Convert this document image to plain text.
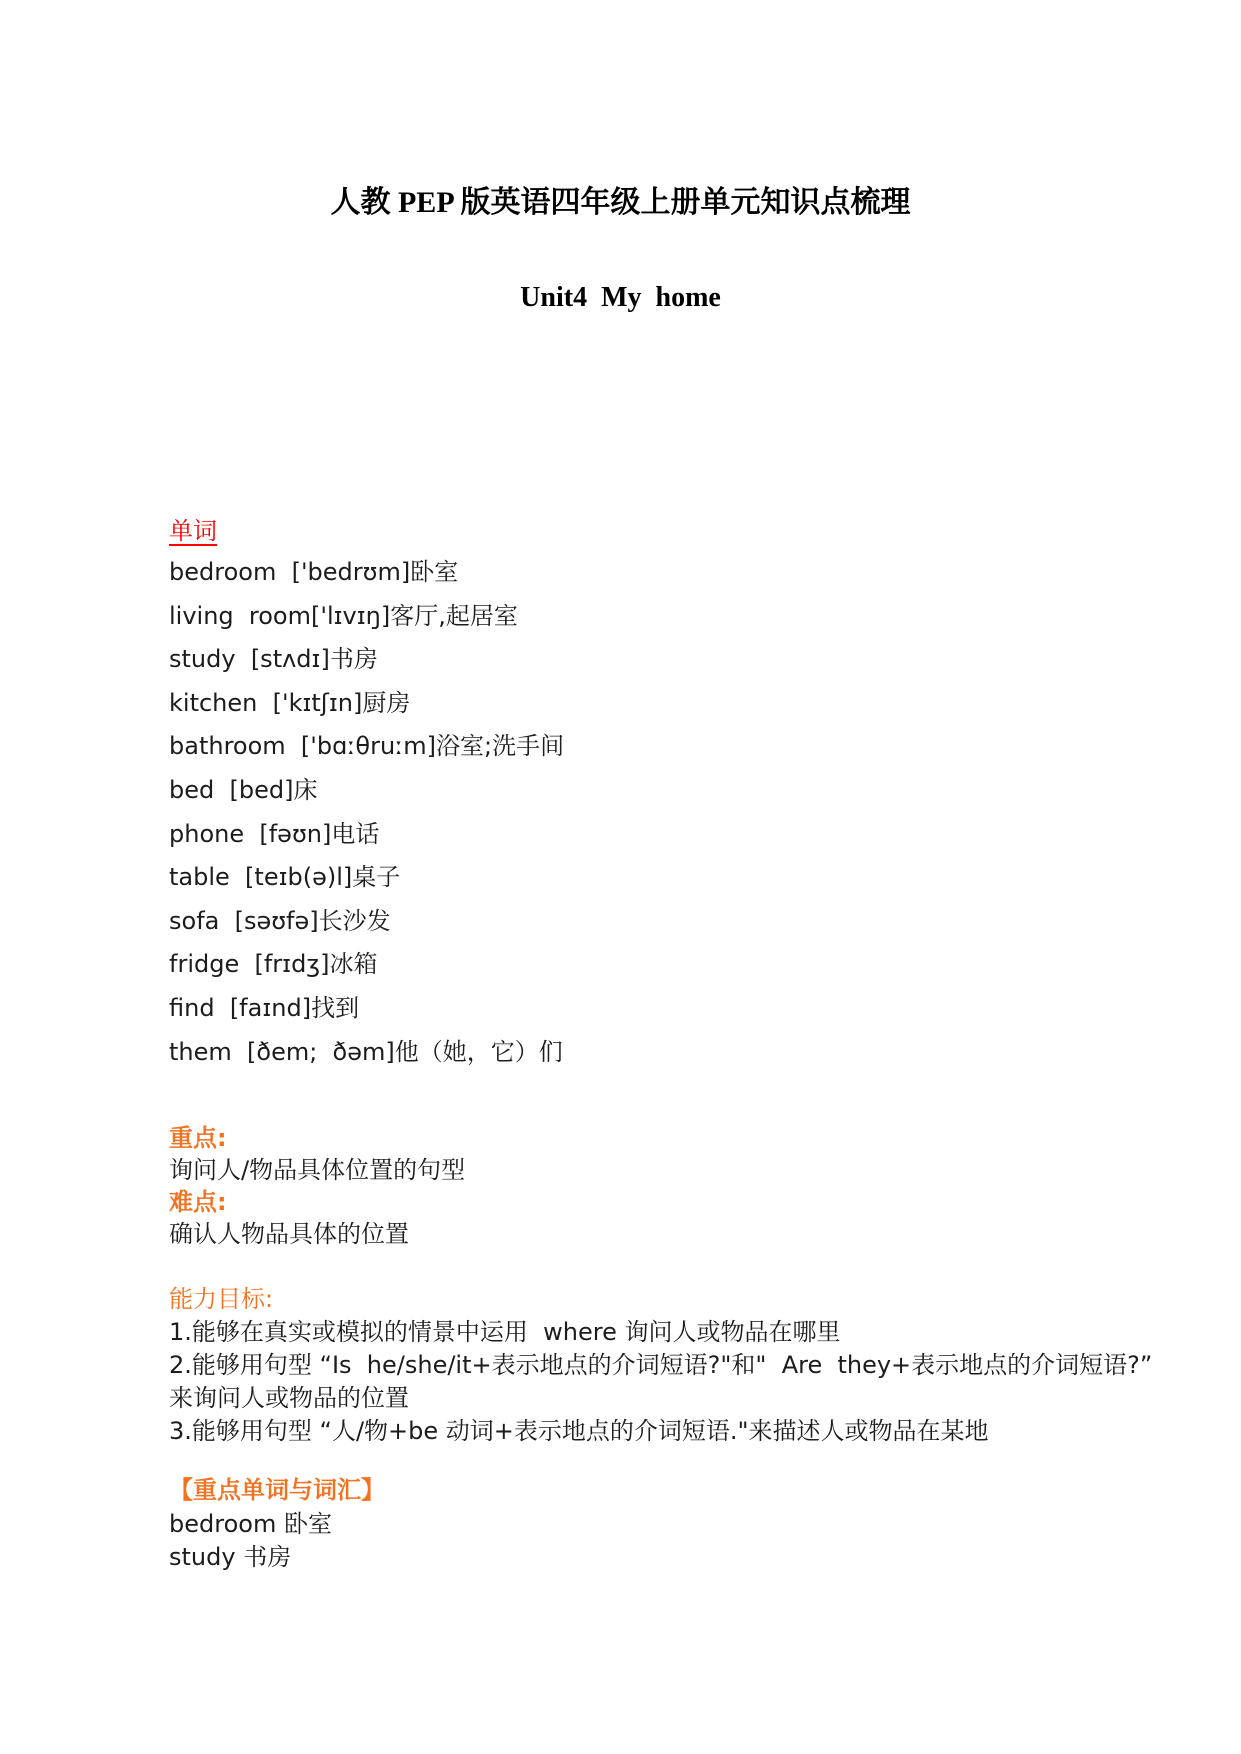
人教 PEP 版英语四年级上册单元知识点梳理
Unit4  My  home
单词
bedroom  ['bedrʊm]卧室
living  room['lɪvɪŋ]客厅,起居室
study  [stʌdɪ]书房
kitchen  ['kɪtʃɪn]厨房
bathroom  ['bɑːθruːm]浴室;洗手间
bed  [bed]床
phone  [fəʊn]电话
table  [teɪb(ə)l]桌子
sofa  [səʊfə]长沙发
fridge  [frɪdʒ]冰箱
find  [faɪnd]找到
them  [ðem;  ðəm]他（她，它）们
重点:
询问人/物品具体位置的句型
难点:
确认人物品具体的位置
能力目标:
1.能够在真实或模拟的情景中运用  where 询问人或物品在哪里
2.能够用句型 “Is  he/she/it+表示地点的介词短语?"和"  Are  they+表示地点的介词短语?”  来询问人或物品的位置
3.能够用句型 “人/物+be 动词+表示地点的介词短语."来描述人或物品在某地
【重点单词与词汇】
bedroom 卧室
study 书房
